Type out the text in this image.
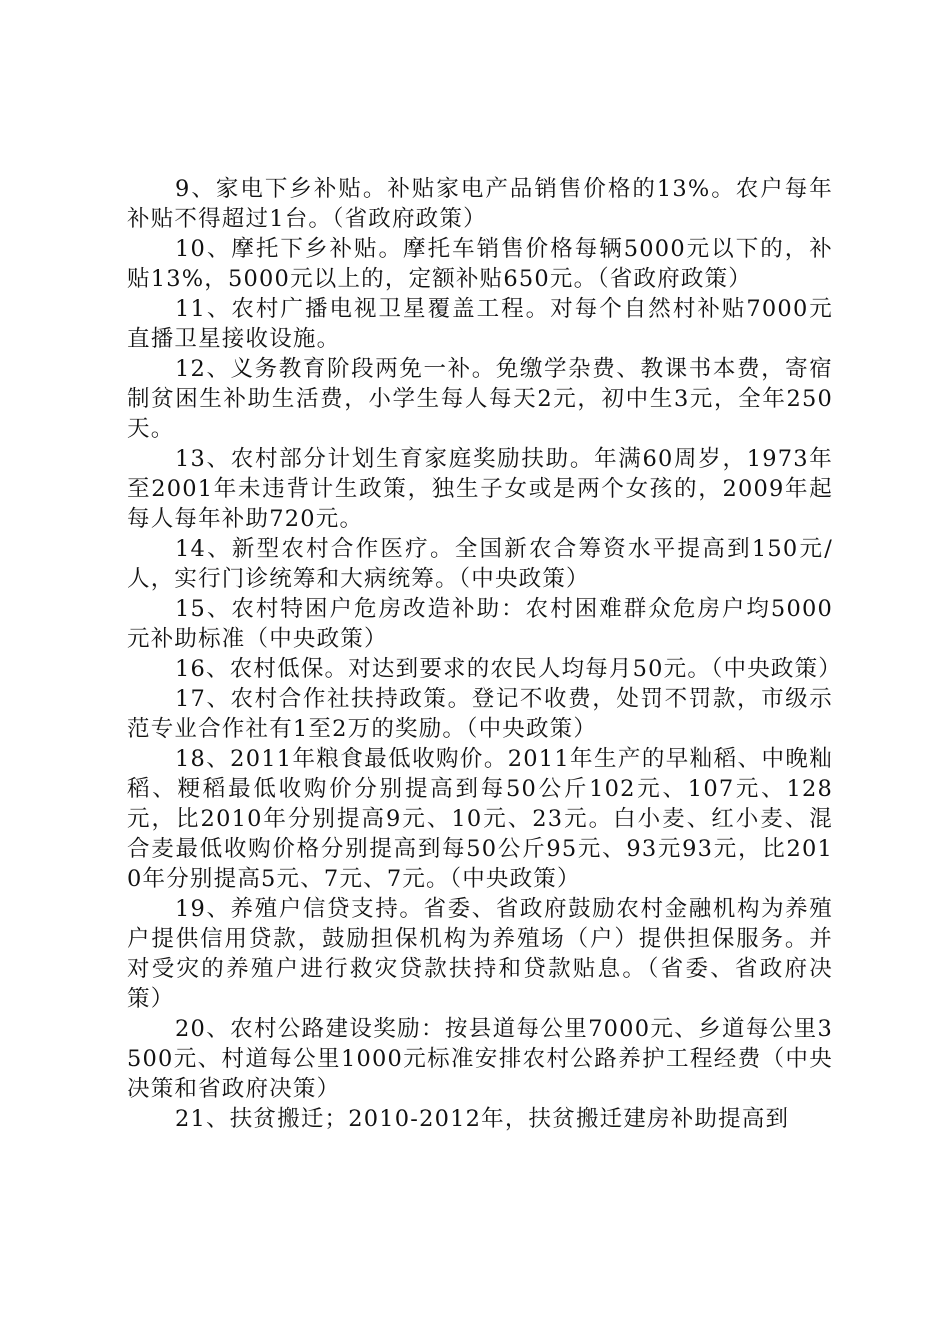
9、家电下乡补贴。补贴家电产品销售价格的13%。农户每年补贴不得超过1台。（省政府政策）

10、摩托下乡补贴。摩托车销售价格每辆5000元以下的，补贴13%，5000元以上的，定额补贴650元。（省政府政策）

11、农村广播电视卫星覆盖工程。对每个自然村补贴7000元直播卫星接收设施。

12、义务教育阶段两免一补。免缴学杂费、教课书本费，寄宿制贫困生补助生活费，小学生每人每天2元，初中生3元，全年250天。

13、农村部分计划生育家庭奖励扶助。年满60周岁，1973年至2001年未违背计生政策，独生子女或是两个女孩的，2009年起每人每年补助720元。

14、新型农村合作医疗。全国新农合筹资水平提高到150元/人，实行门诊统筹和大病统筹。（中央政策）

15、农村特困户危房改造补助：农村困难群众危房户均5000元补助标准（中央政策）

16、农村低保。对达到要求的农民人均每月50元。（中央政策）

17、农村合作社扶持政策。登记不收费，处罚不罚款，市级示范专业合作社有1至2万的奖励。（中央政策）

18、2011年粮食最低收购价。2011年生产的早籼稻、中晚籼稻、粳稻最低收购价分别提高到每50公斤102元、107元、128元，比2010年分别提高9元、10元、23元。白小麦、红小麦、混合麦最低收购价格分别提高到每50公斤95元、93元93元，比2010年分别提高5元、7元、7元。（中央政策）

19、养殖户信贷支持。省委、省政府鼓励农村金融机构为养殖户提供信用贷款，鼓励担保机构为养殖场（户）提供担保服务。并对受灾的养殖户进行救灾贷款扶持和贷款贴息。（省委、省政府决策）

20、农村公路建设奖励：按县道每公里7000元、乡道每公里3500元、村道每公里1000元标准安排农村公路养护工程经费（中央决策和省政府决策）

21、扶贫搬迁；2010-2012年，扶贫搬迁建房补助提高到
